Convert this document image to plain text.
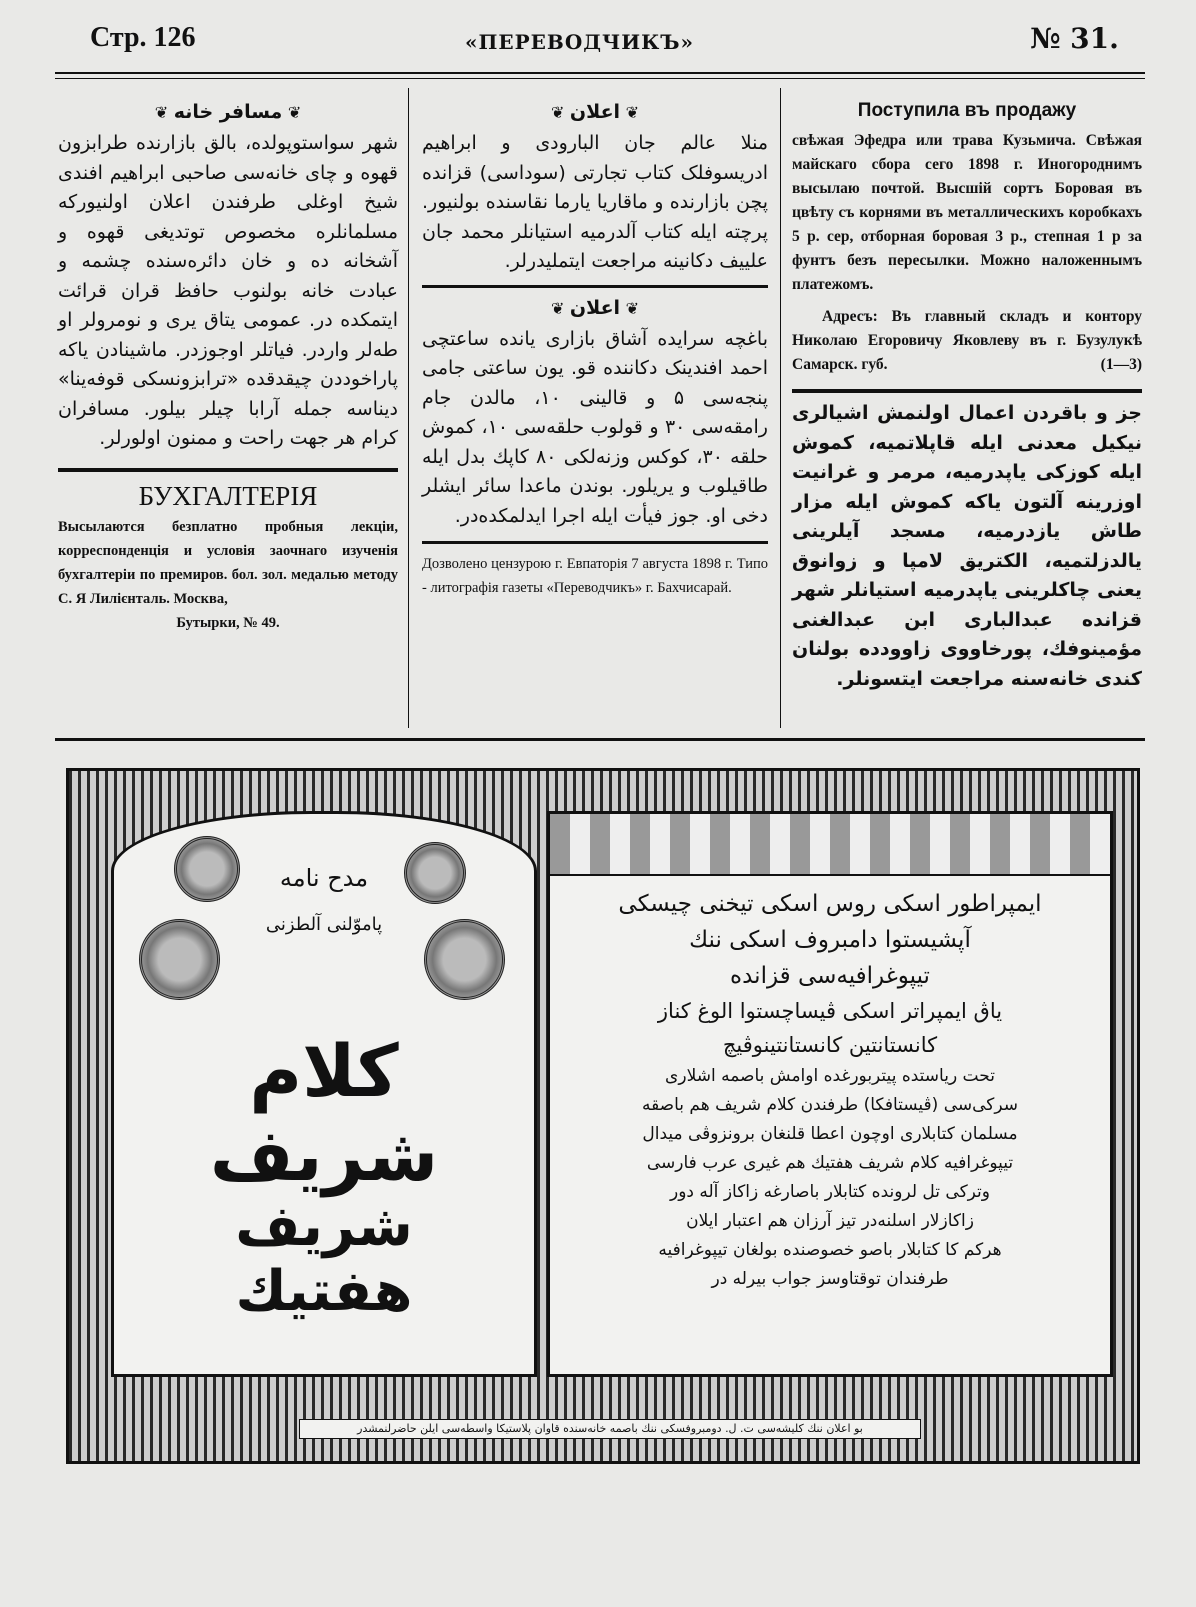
Стр. 126	«ПЕРЕВОДЧИКЪ»	№ 31.
❦ مسافر خانه ❦
شهر سواستوپولده، بالق بازارنده طرابزون قهوه و چای خانه‌سی صاحبی ابراهیم افندی شیخ اوغلی طرفندن اعلان اولنیورکه مسلمانلره مخصوص توتدیغی قهوه و آشخانه ده و خان دائره‌سنده چشمه و عبادت خانه بولنوب حافظ قران قرائت ایتمکده در. عمومی یتاق یری و نومرولر او طه‌لر واردر. فیاتلر اوجوزدر. ماشینادن یاکه پاراخوددن چیقدقده «ترابزونسکی قوفه‌ینا» دیناسه جمله آرابا چیلر بیلور. مسافران کرام هر جهت راحت و ممنون اولورلر.
БУХГАЛТЕРІЯ
Высылаются безплатно пробныя лекціи, корреспонденція и условія заочнаго изученія бухгалтеріи по премиров. бол. зол. медалью методу С. Я Лилієнталь. Москва,
Бутырки, № 49.
❦ اعلان ❦
منلا عالم جان البارودی و ابراهیم ادریسوفلک کتاب تجارتی (سوداسی) قزانده پچن بازارنده و ماقاریا یارما نقاسنده بولنیور. پرچته ایله کتاب آلدرمیه استیانلر محمد جان علییف دکانینه مراجعت ایتملیدرلر.
❦ اعلان ❦
باغچه سرایده آشاق بازاری یانده ساعتچی احمد افندینک دکاننده قو. یون ساعتی جامی پنجه‌سی ۵ و قالینی ۱۰، مالدن جام رامقه‌سی ۳۰ و قولوب حلقه‌سی ۱۰، کموش حلقه ۳۰، کوکس وزنه‌لکی ۸۰ کاپك بدل ایله طاقیلوب و یریلور. بوندن ماعدا سائر ایشلر دخی او. جوز فیأت ایله اجرا ایدلمکده‌در.
Дозволено цензурою г. Евпаторія 7 августа 1898 г. Типо - литографія газеты «Переводчикъ» г. Бахчисарай.
Поступила въ продажу
свѣжая Эфедра или трава Кузьмича. Свѣжая майскаго сбора сего 1898 г. Иногороднимъ высылаю почтой. Высшій сортъ Боровая въ цвѣту съ корнями въ металлическихъ коробкахъ 5 р. сер, отборная боровая 3 р., степная 1 р за фунтъ безъ пересылки. Можно наложеннымъ платежомъ.
Адресъ: Въ главный складъ и контору Николаю Егоровичу Яковлеву въ г. Бузулукѣ Самарск. губ.	(1—3)
جز و باقردن اعمال اولنمش اشیالری نیکیل معدنی ایله قاپلاتمیه، کموش ایله کوزکی یاپدرمیه، مرمر و غرانیت اوزرینه آلتون یاکه کموش ایله مزار طاش یازدرمیه، مسجد آیلرینی یالدزلتمیه، الکتریق لامپا و زوانوق یعنی چاکلرینی یاپدرمیه استیانلر شهر قزانده عبدالباری ابن عبدالغنی مؤمینوفك، پورخاووی زاووددە بولنان کندی خانه‌سنه مراجعت ایتسونلر.
مدح نامه
پاموّلنی آلطزنی
کلام شریف
شریف هفتیك
ایمپراطور اسکی روس اسکی تیخنی چیسکی
آپشیستوا دامبروف اسکی ننك
تیپوغرافیه‌سی قزانده
یاڨ ایمپراتر اسکی ڤیساچستوا الوغ کناز
کانستانتین کانستانتینوڤیچ
تحت ریاستده پیتربورغده اوامش باصمه اشلاری
سرکی‌سی (ڤیستافکا) طرفندن کلام شریف هم باصقه
مسلمان کتابلاری اوچون اعطا قلنغان برونزوڤی میدال
تیپوغرافیه کلام شریف هفتیك هم غیری عرب فارسی
وترکی تل لروندە کتابلار باصارغه زاکاز آله دور
زاکازلار اسلنه‌در تیز آرزان هم اعتبار ایلان
هرکم کا کتابلار باصو خصوصنده بولغان تیپوغرافیه
طرفندان توقتاوسز جواب بیرله در
بو اعلان ننك کلیشه‌سی ت. ل. دومبروفسکی ننك باصمه خانه‌سنده قاوان پلاستیکا واسطه‌سی ایلن حاضرلنمشدر
